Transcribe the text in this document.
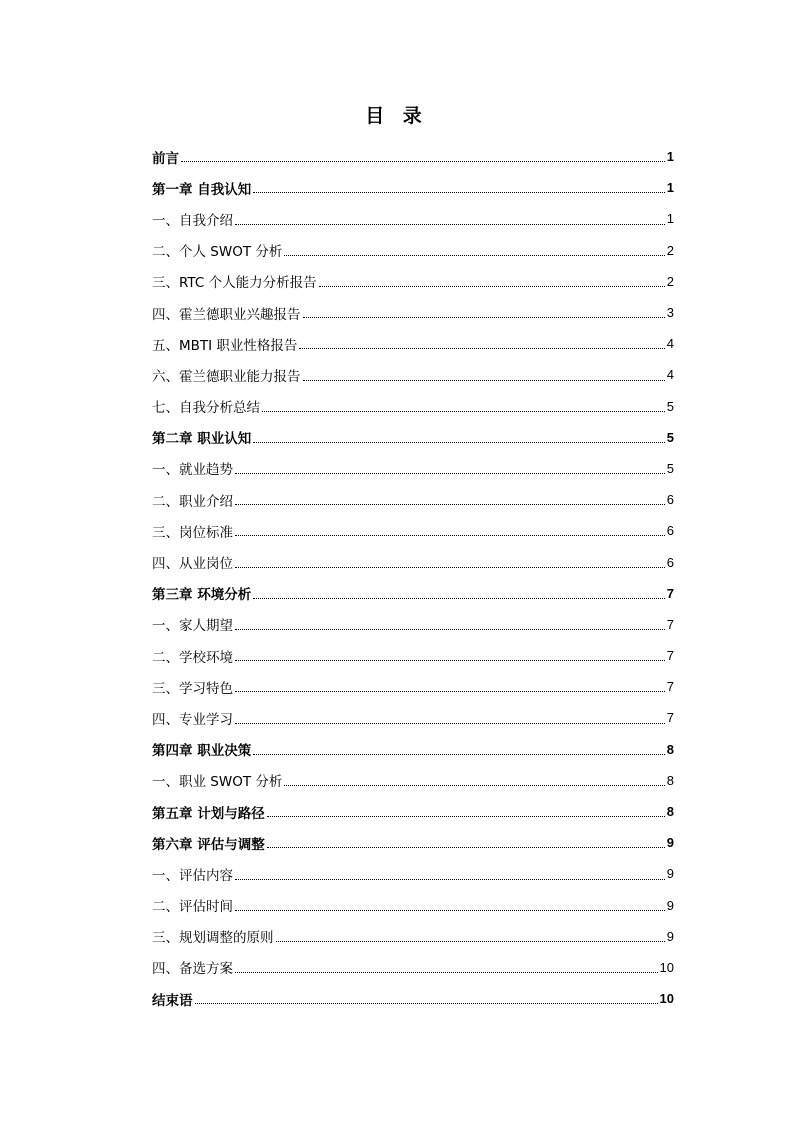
目 录
前言	1
第一章 自我认知	1
一、自我介绍	1
二、个人 SWOT 分析	2
三、RTC 个人能力分析报告	2
四、霍兰德职业兴趣报告	3
五、MBTI 职业性格报告	4
六、霍兰德职业能力报告	4
七、自我分析总结	5
第二章 职业认知	5
一、就业趋势	5
二、职业介绍	6
三、岗位标准	6
四、从业岗位	6
第三章 环境分析	7
一、家人期望	7
二、学校环境	7
三、学习特色	7
四、专业学习	7
第四章 职业决策	8
一、职业 SWOT 分析	8
第五章 计划与路径	8
第六章 评估与调整	9
一、评估内容	9
二、评估时间	9
三、规划调整的原则	9
四、备选方案	10
结束语	10
